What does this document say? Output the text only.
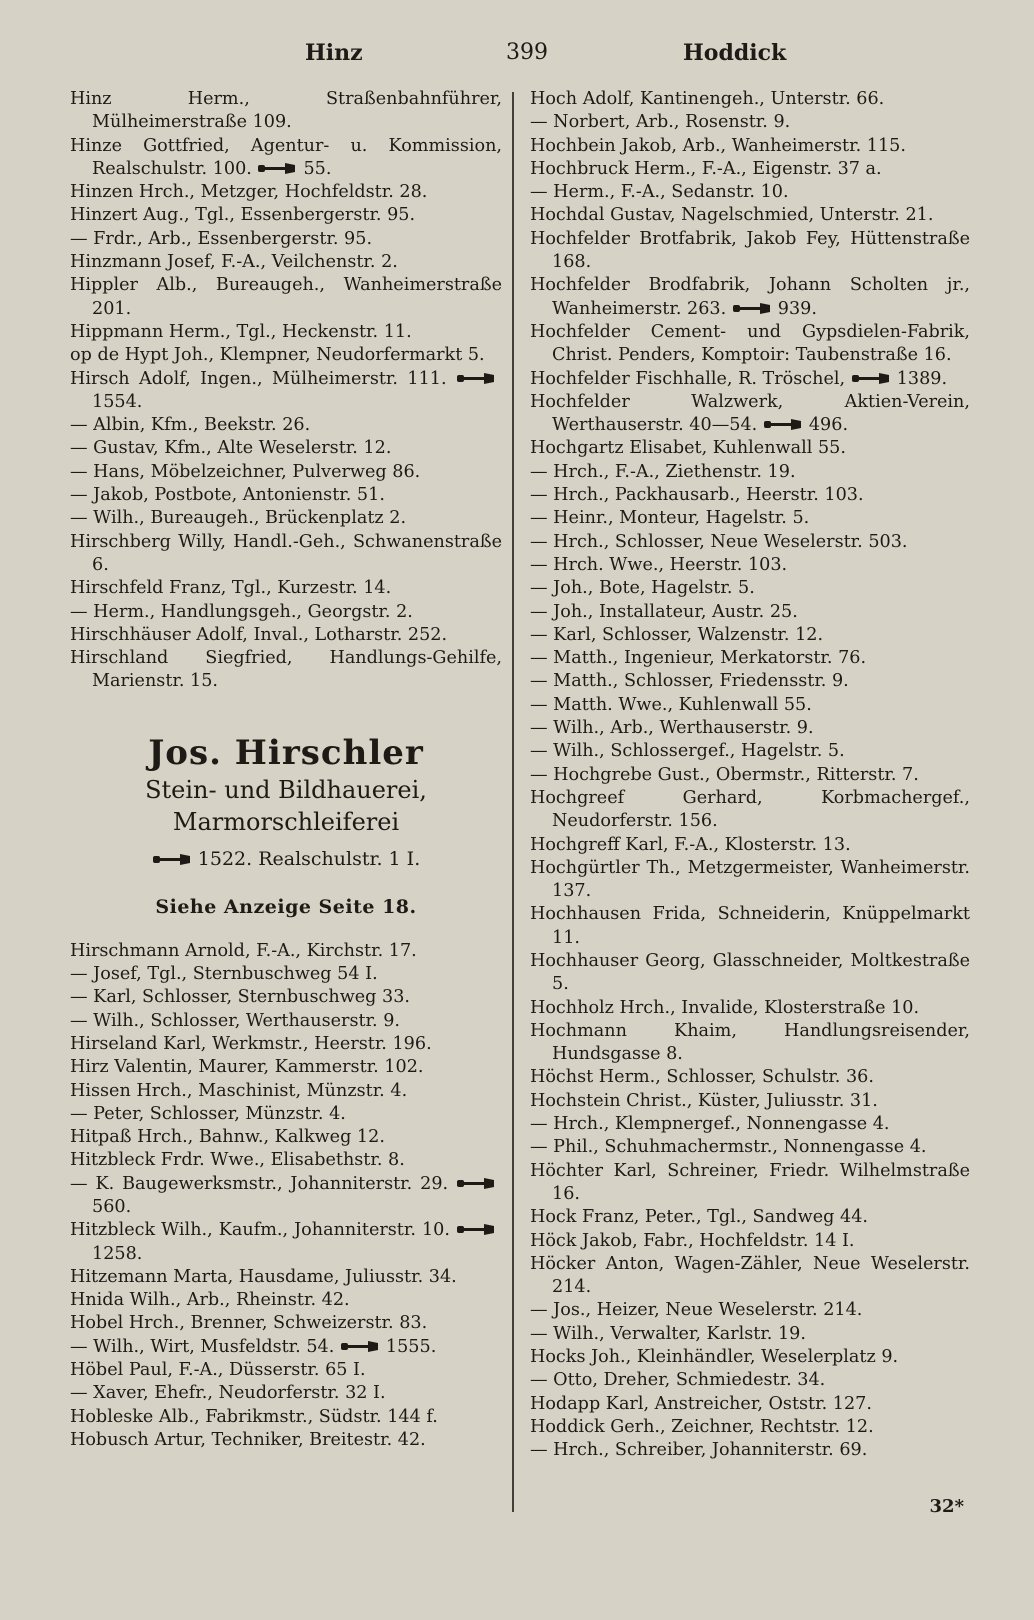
Hinz	399	Hoddick

Hinz Herm., Straßenbahnführer, Mülheimerstraße 109.

Hinze Gottfried, Agentur- u. Kommission, Realschulstr. 100.	55.

Hinzen Hrch., Metzger, Hochfeldstr. 28.

Hinzert Aug., Tgl., Essenbergerstr. 95.

— Frdr., Arb., Essenbergerstr. 95.

Hinzmann Josef, F.-A., Veilchenstr. 2.

Hippler Alb., Bureaugeh., Wanheimerstraße 201.

Hippmann Herm., Tgl., Heckenstr. 11.

op de Hypt Joh., Klempner, Neudorfermarkt 5.

Hirsch Adolf, Ingen., Mülheimerstr. 111.
1554.

— Albin, Kfm., Beekstr. 26.

— Gustav, Kfm., Alte Weselerstr. 12.

— Hans, Möbelzeichner, Pulverweg 86.

— Jakob, Postbote, Antonienstr. 51.

— Wilh., Bureaugeh., Brückenplatz 2.

Hirschberg Willy, Handl.-Geh., Schwanenstraße 6.

Hirschfeld Franz, Tgl., Kurzestr. 14.

— Herm., Handlungsgeh., Georgstr. 2.

Hirschhäuser Adolf, Inval., Lotharstr. 252.

Hirschland Siegfried, Handlungs-Gehilfe, Marienstr. 15.

Jos. Hirschler
Stein- und Bildhauerei, Marmorschleiferei
1522. Realschulstr. 1 I.
Siehe Anzeige Seite 18.

Hirschmann Arnold, F.-A., Kirchstr. 17.

— Josef, Tgl., Sternbuschweg 54 I.

— Karl, Schlosser, Sternbuschweg 33.

— Wilh., Schlosser, Werthauserstr. 9.

Hirseland Karl, Werkmstr., Heerstr. 196.

Hirz Valentin, Maurer, Kammerstr. 102.

Hissen Hrch., Maschinist, Münzstr. 4.

— Peter, Schlosser, Münzstr. 4.

Hitpaß Hrch., Bahnw., Kalkweg 12.

Hitzbleck Frdr. Wwe., Elisabethstr. 8.

— K. Baugewerksmstr., Johanniterstr. 29.
560.

Hitzbleck Wilh., Kaufm., Johanniterstr. 10.
1258.

Hitzemann Marta, Hausdame, Juliusstr. 34.

Hnida Wilh., Arb., Rheinstr. 42.

Hobel Hrch., Brenner, Schweizerstr. 83.

— Wilh., Wirt, Musfeldstr. 54.	1555.

Höbel Paul, F.-A., Düsserstr. 65 I.

— Xaver, Ehefr., Neudorferstr. 32 I.

Hobleske Alb., Fabrikmstr., Südstr. 144 f.

Hobusch Artur, Techniker, Breitestr. 42.

Hoch Adolf, Kantinengeh., Unterstr. 66.

— Norbert, Arb., Rosenstr. 9.

Hochbein Jakob, Arb., Wanheimerstr. 115.

Hochbruck Herm., F.-A., Eigenstr. 37 a.

— Herm., F.-A., Sedanstr. 10.

Hochdal Gustav, Nagelschmied, Unterstr. 21.

Hochfelder Brotfabrik, Jakob Fey, Hüttenstraße 168.

Hochfelder Brodfabrik, Johann Scholten jr., Wanheimerstr. 263.	939.

Hochfelder Cement- und Gypsdielen-Fabrik, Christ. Penders, Komptoir: Taubenstraße 16.

Hochfelder Fischhalle, R. Tröschel,	1389.

Hochfelder Walzwerk, Aktien-Verein, Werthauserstr. 40—54.	496.

Hochgartz Elisabet, Kuhlenwall 55.

— Hrch., F.-A., Ziethenstr. 19.

— Hrch., Packhausarb., Heerstr. 103.

— Heinr., Monteur, Hagelstr. 5.

— Hrch., Schlosser, Neue Weselerstr. 503.

— Hrch. Wwe., Heerstr. 103.

— Joh., Bote, Hagelstr. 5.

— Joh., Installateur, Austr. 25.

— Karl, Schlosser, Walzenstr. 12.

— Matth., Ingenieur, Merkatorstr. 76.

— Matth., Schlosser, Friedensstr. 9.

— Matth. Wwe., Kuhlenwall 55.

— Wilh., Arb., Werthauserstr. 9.

— Wilh., Schlossergef., Hagelstr. 5.

— Hochgrebe Gust., Obermstr., Ritterstr. 7.

Hochgreef Gerhard, Korbmachergef., Neudorferstr. 156.

Hochgreff Karl, F.-A., Klosterstr. 13.

Hochgürtler Th., Metzgermeister, Wanheimerstr. 137.

Hochhausen Frida, Schneiderin, Knüppelmarkt 11.

Hochhauser Georg, Glasschneider, Moltkestraße 5.

Hochholz Hrch., Invalide, Klosterstraße 10.

Hochmann Khaim, Handlungsreisender, Hundsgasse 8.

Höchst Herm., Schlosser, Schulstr. 36.

Hochstein Christ., Küster, Juliusstr. 31.

— Hrch., Klempnergef., Nonnengasse 4.

— Phil., Schuhmachermstr., Nonnengasse 4.

Höchter Karl, Schreiner, Friedr. Wilhelmstraße 16.

Hock Franz, Peter., Tgl., Sandweg 44.

Höck Jakob, Fabr., Hochfeldstr. 14 I.

Höcker Anton, Wagen-Zähler, Neue Weselerstr. 214.

— Jos., Heizer, Neue Weselerstr. 214.

— Wilh., Verwalter, Karlstr. 19.

Hocks Joh., Kleinhändler, Weselerplatz 9.

— Otto, Dreher, Schmiedestr. 34.

Hodapp Karl, Anstreicher, Oststr. 127.

Hoddick Gerh., Zeichner, Rechtstr. 12.

— Hrch., Schreiber, Johanniterstr. 69.

32*
